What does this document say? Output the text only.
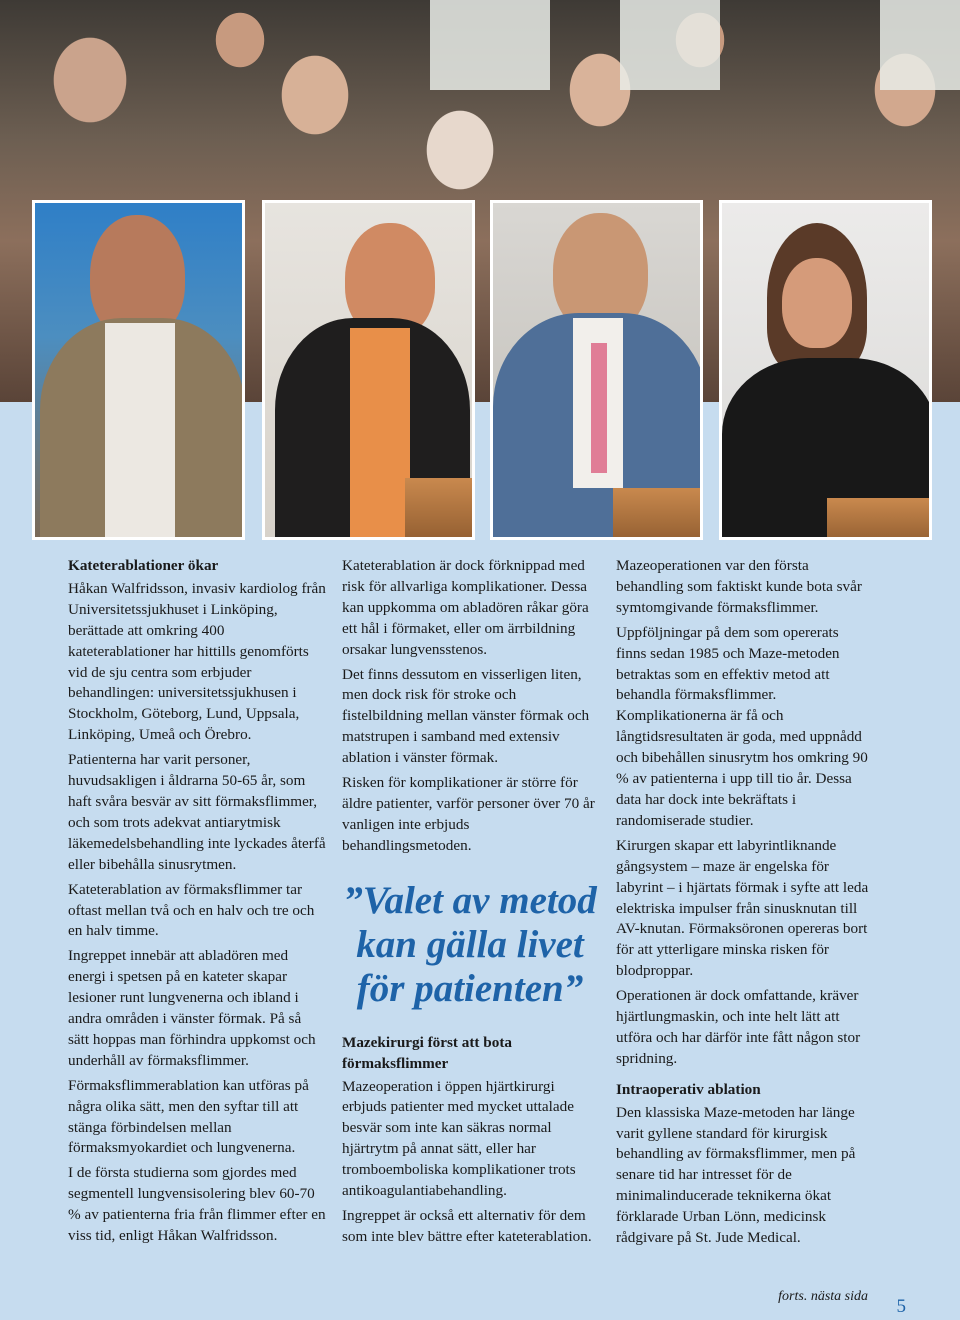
Kateterablationer ökar

Håkan Walfridsson, invasiv kardiolog från Universitetssjukhuset i Linköping, berättade att omkring 400 kateterablationer har hittills genomförts vid de sju centra som erbjuder behandlingen: universitetssjukhusen i Stockholm, Göteborg, Lund, Uppsala, Linköping, Umeå och Örebro.

Patienterna har varit personer, huvudsakligen i åldrarna 50-65 år, som haft svåra besvär av sitt förmaksflimmer, och som trots adekvat antiarytmisk läkemedelsbehandling inte lyckades återfå eller bibehålla sinusrytmen.

Kateterablation av förmaksflimmer tar oftast mellan två och en halv och tre och en halv timme.

Ingreppet innebär att abladören med energi i spetsen på en kateter skapar lesioner runt lungvenerna och ibland i andra områden i vänster förmak. På så sätt hoppas man förhindra uppkomst och underhåll av förmaksflimmer.

Förmaksflimmerablation kan utföras på några olika sätt, men den syftar till att stänga förbindelsen mellan förmaksmyokardiet och lungvenerna.

I de första studierna som gjordes med segmentell lungvensisolering blev 60-70 % av patienterna fria från flimmer efter en viss tid, enligt Håkan Walfridsson.

Kateterablation är dock förknippad med risk för allvarliga komplikationer. Dessa kan uppkomma om abladören råkar göra ett hål i förmaket, eller om ärrbildning orsakar lungvensstenos.

Det finns dessutom en visserligen liten, men dock risk för stroke och fistelbildning mellan vänster förmak och matstrupen i samband med extensiv ablation i vänster förmak.

Risken för komplikationer är större för äldre patienter, varför personer över 70 år vanligen inte erbjuds behandlingsmetoden.

”Valet av metod kan gälla livet för patienten”
Mazekirurgi först att bota förmaksflimmer

Mazeoperation i öppen hjärtkirurgi erbjuds patienter med mycket uttalade besvär som inte kan säkras normal hjärtrytm på annat sätt, eller har tromboemboliska komplikationer trots antikoagulantiabehandling.

Ingreppet är också ett alternativ för dem som inte blev bättre efter kateterablation.

Mazeoperationen var den första behandling som faktiskt kunde bota svår symtomgivande förmaksflimmer.

Uppföljningar på dem som opererats finns sedan 1985 och Maze-metoden betraktas som en effektiv metod att behandla förmaksflimmer. Komplikationerna är få och långtidsresultaten är goda, med uppnådd och bibehållen sinusrytm hos omkring 90 % av patienterna i upp till tio år. Dessa data har dock inte bekräftats i randomiserade studier.

Kirurgen skapar ett labyrintliknande gångsystem – maze är engelska för labyrint – i hjärtats förmak i syfte att leda elektriska impulser från sinusknutan till AV-knutan. Förmaksöronen opereras bort för att ytterligare minska risken för blodproppar.

Operationen är dock omfattande, kräver hjärtlungmaskin, och inte helt lätt att utföra och har därför inte fått någon stor spridning.

Intraoperativ ablation

Den klassiska Maze-metoden har länge varit gyllene standard för kirurgisk behandling av förmaksflimmer, men på senare tid har intresset för de minimalinducerade teknikerna ökat förklarade Urban Lönn, medicinsk rådgivare på St. Jude Medical.

forts. nästa sida 5
